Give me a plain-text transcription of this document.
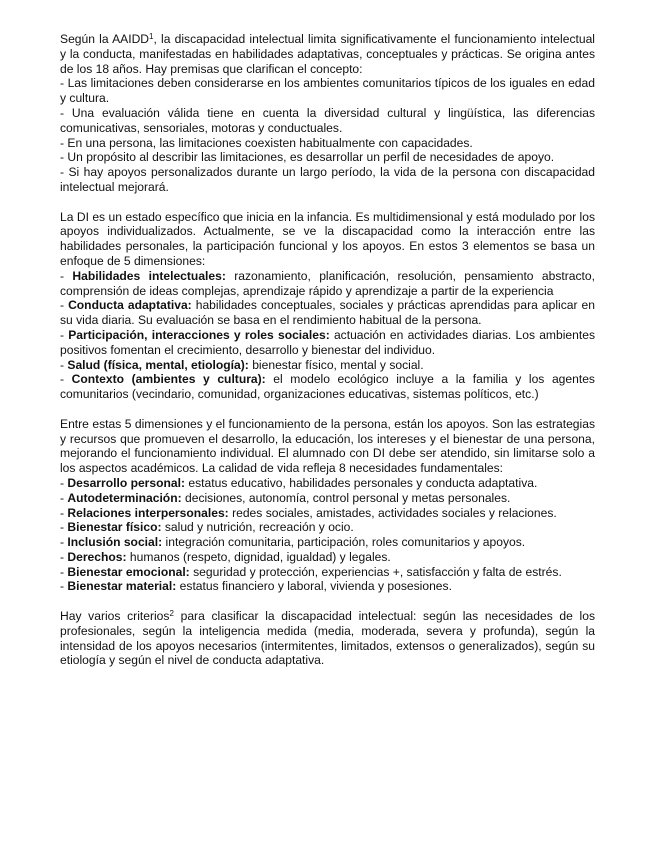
Según la AAIDD$^1$, la discapacidad intelectual limita significativamente el funcionamiento intelectual y la conducta, manifestadas en habilidades adaptativas, conceptuales y prácticas. Se origina antes de los 18 años. Hay premisas que clarifican el concepto:

- Las limitaciones deben considerarse en los ambientes comunitarios típicos de los iguales en edad y cultura.

- Una evaluación válida tiene en cuenta la diversidad cultural y lingüística, las diferencias comunicativas, sensoriales, motoras y conductuales.

- En una persona, las limitaciones coexisten habitualmente con capacidades.

- Un propósito al describir las limitaciones, es desarrollar un perfil de necesidades de apoyo.

- Si hay apoyos personalizados durante un largo período, la vida de la persona con discapacidad intelectual mejorará.

La DI es un estado específico que inicia en la infancia. Es multidimensional y está modulado por los apoyos individualizados. Actualmente, se ve la discapacidad como la interacción entre las habilidades personales, la participación funcional y los apoyos. En estos 3 elementos se basa un enfoque de 5 dimensiones:

- Habilidades intelectuales: razonamiento, planificación, resolución, pensamiento abstracto, comprensión de ideas complejas, aprendizaje rápido y aprendizaje a partir de la experiencia

- Conducta adaptativa: habilidades conceptuales, sociales y prácticas aprendidas para aplicar en su vida diaria. Su evaluación se basa en el rendimiento habitual de la persona.

- Participación, interacciones y roles sociales: actuación en actividades diarias. Los ambientes positivos fomentan el crecimiento, desarrollo y bienestar del individuo.

- Salud (física, mental, etiología): bienestar físico, mental y social.

- Contexto (ambientes y cultura): el modelo ecológico incluye a la familia y los agentes comunitarios (vecindario, comunidad, organizaciones educativas, sistemas políticos, etc.)

Entre estas 5 dimensiones y el funcionamiento de la persona, están los apoyos. Son las estrategias y recursos que promueven el desarrollo, la educación, los intereses y el bienestar de una persona, mejorando el funcionamiento individual. El alumnado con DI debe ser atendido, sin limitarse solo a los aspectos académicos. La calidad de vida refleja 8 necesidades fundamentales:

- Desarrollo personal: estatus educativo, habilidades personales y conducta adaptativa.

- Autodeterminación: decisiones, autonomía, control personal y metas personales.

- Relaciones interpersonales: redes sociales, amistades, actividades sociales y relaciones.

- Bienestar físico: salud y nutrición, recreación y ocio.

- Inclusión social: integración comunitaria, participación, roles comunitarios y apoyos.

- Derechos: humanos (respeto, dignidad, igualdad) y legales.

- Bienestar emocional: seguridad y protección, experiencias +, satisfacción y falta de estrés.

- Bienestar material: estatus financiero y laboral, vivienda y posesiones.

Hay varios criterios$^2$ para clasificar la discapacidad intelectual: según las necesidades de los profesionales, según la inteligencia medida (media, moderada, severa y profunda), según la intensidad de los apoyos necesarios (intermitentes, limitados, extensos o generalizados), según su etiología y según el nivel de conducta adaptativa.
